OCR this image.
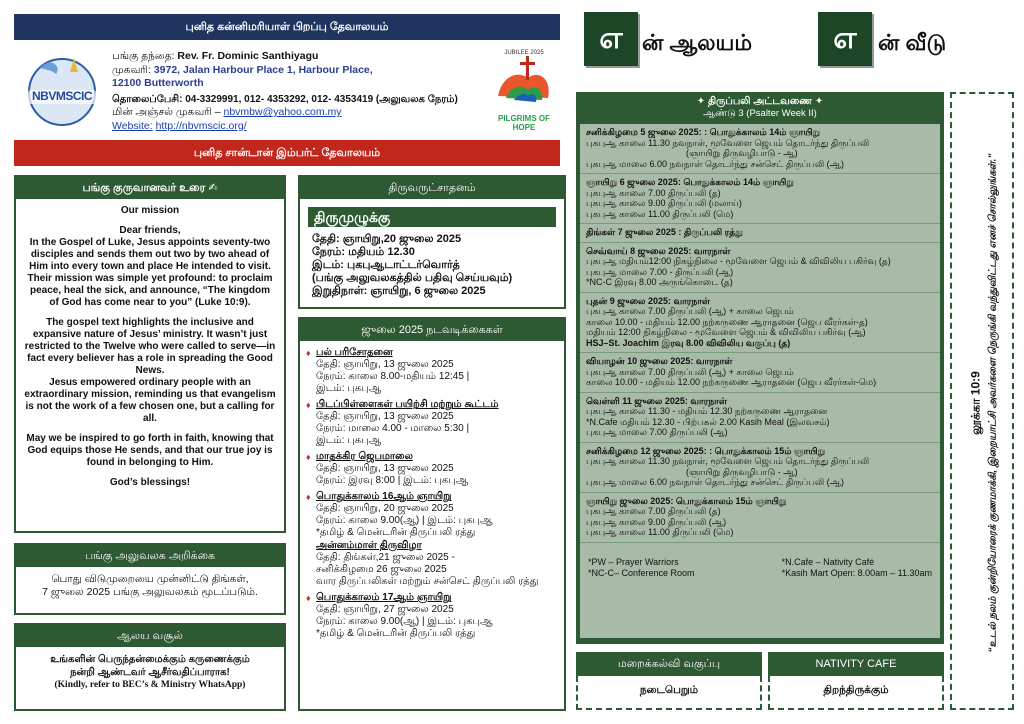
புனித கன்னிமரியாள் பிறப்பு தேவாலயம்
NBVMSCIC

பங்கு தந்தை: Rev. Fr. Dominic Santhiyagu

முகவரி: 3972, Jalan Harbour Place 1, Harbour Place,

12100 Butterworth

தொலைப்பேசி: 04-3329991, 012- 4353292, 012- 4353419 (அலுவலக நேரம்)

மின் அஞ்சல் முகவரி – nbvmbw@yahoo.com.my

Website: http://nbvmscic.org/

JUBILEE 2025
PILGRIMS OF HOPE
புனித சான்டான் இம்பர்ட் தேவாலயம்
எ ன் ஆலயம்	எ ன் வீடு
பங்கு குருவானவர் உரை ✍

Our mission

Dear friends,

In the Gospel of Luke, Jesus appoints seventy-two disciples and sends them out two by two ahead of Him into every town and place He intended to visit. Their mission was simple yet profound: to proclaim peace, heal the sick, and announce, “The kingdom of God has come near to you” (Luke 10:9).

The gospel text highlights the inclusive and expansive nature of Jesus’ ministry. It wasn’t just restricted to the Twelve who were called to serve—in fact every believer has a role in spreading the Good News.

Jesus empowered ordinary people with an extraordinary mission, reminding us that evangelism is not the work of a few chosen one, but a calling for all.

May we be inspired to go forth in faith, knowing that God equips those He sends, and that our true joy is found in belonging to Him.

God’s blessings!

பங்கு அலுவலக அறிக்கை

பொது விடுமுறையை முன்னிட்டு திங்கள்,

7 ஜுலை 2025 பங்கு அலுவலகம் மூடப்படும்.

ஆலய வசூல்

உங்களின் பெருந்தன்மைக்கும் கருணைக்கும்

நன்றி ஆண்டவர் ஆசீர்வதிப்பாராக!

(Kindly, refer to BEC’s & Ministry WhatsApp)

திருவருட்சாதனம்
திருமுழுக்கு

தேதி: ஞாயிறு,20 ஜுலை 2025

நேரம்: மதியம் 12.30

இடம்: புகபுஆடாட்டர்வொர்த்

(பங்கு அலுவலகத்தில் பதிவு செய்யவும்)

இறுதிநாள்: ஞாயிறு, 6 ஜுலை 2025

ஜுலை 2025 நடவடிக்கைகள்
♦ பல் பரிசோதனை
தேதி: ஞாயிறு, 13 ஜுலை 2025
நேரம்: காலை 8.00-மதியம் 12:45 |
இடம்: புகபுஆ
♦ பிடப்பிள்ளைகள் பயிற்சி மற்றும் கூட்டம்
தேதி: ஞாயிறு, 13 ஜுலை 2025
நேரம்: மாலை 4.00 - மாலை 5:30 |
இடம்: புகபுஆ
♦ மாதக்கிர ஜெபமாலை
தேதி: ஞாயிறு, 13 ஜுலை 2025
நேரம்: இரவு 8:00 | இடம்: புகபுஆ
♦ பொதுக்காலம் 16ஆம் ஞாயிறு
தேதி: ஞாயிறு, 20 ஜுலை 2025
நேரம்: காலை 9.00(ஆ) | இடம்: புகபுஆ
*தமிழ் & மென்டரின் திருப்பலி ரத்து
அன்னம்மாள் திருவிழா
தேதி: திங்கள்,21 ஜுலை 2025 -
சனிக்கிழமை 26 ஜுலை 2025
வார திருப்பலிகள் மற்றும் சன்செட் திருப்பலி ரத்து
♦ பொதுக்காலம் 17ஆம் ஞாயிறு
தேதி: ஞாயிறு, 27 ஜுலை 2025
நேரம்: காலை 9.00(ஆ) | இடம்: புகபுஆ
*தமிழ் & மென்டரின் திருப்பலி ரத்து
✦ திருப்பலி அட்டவணை ✦
ஆண்டு 3 (Psalter Week II)

சனிக்கிழமை 5 ஜுலை 2025: : பொதுக்காலம் 14ம் ஞாயிறு

புகபுஆ காலை 11.30 நவநாள், மூவேளை ஜெபம் தொடர்ந்து திருப்பலி

(ஞாயிறு திருவழிபாடு - ஆ)

புகபுஆ மாலை 6.00 நவநாள் தொடர்ந்து சன்செட் திருப்பலி (ஆ)

ஞாயிறு 6 ஜுலை 2025: பொதுக்காலம் 14ம் ஞாயிறு

புகபுஆ காலை 7.00 திருப்பலி (த)

புகபுஆ காலை 9.00 திருப்பலி (மலாய்)

புகபுஆ காலை 11.00 திருப்பலி (மெ)

திங்கள் 7 ஜுலை 2025 : திருப்பலி ரத்து

செவ்வாய் 8 ஜுலை 2025: வாரநாள்

புகபுஆ மதியம்12:00 நிகழ்நிலை - மூவேளை ஜெபம் & விவிலிய பகிர்வு (த)

புகபுஆ மாலை 7.00 - திருப்பலி (ஆ)

*NC-C இரவு 8.00 அருங்கொடை (த)

புதன் 9 ஜுலை 2025: வாரநாள்

புகபுஆ காலை 7.00 திருப்பலி (ஆ) + காலை ஜெபம்

காலை 10.00 - மதியம் 12.00 நற்கருணை ஆராதனை (ஜெப வீரர்கள்-த)

மதியம் 12:00 நிகழ்நிலை - மூவேளை ஜெபம் & விவிலிய பகிர்வு (ஆ)

HSJ–St. Joachim இரவு 8.00 விவிலிய வகுப்பு (த)

வியாழன் 10 ஜுலை 2025: வாரநாள்

புகபுஆ காலை 7.00 திருப்பலி (ஆ) + காலை ஜெபம்

காலை 10.00 - மதியம் 12.00 நற்கருணை ஆராதனை (ஜெப வீரர்கள்-மெ)

வெள்ளி 11 ஜுலை 2025: வாரநாள்

புகபுஆ காலை 11.30 - மதியம் 12.30 நற்கருணை ஆராதனை

*N.Cafe மதியம் 12.30 - பிற்பகல் 2.00 Kasih Meal (இலவசம்)

புகபுஆ மாலை 7.00 திருப்பலி (ஆ)

சனிக்கிழமை 12 ஜுலை 2025: : பொதுக்காலம் 15ம் ஞாயிறு

புகபுஆ காலை 11.30 நவநாள், மூவேளை ஜெபம் தொடர்ந்து திருப்பலி

(ஞாயிறு திருவழிபாடு - ஆ)

புகபுஆ மாலை 6.00 நவநாள் தொடர்ந்து சன்செட் திருப்பலி (ஆ)

ஞாயிறு ஜுலை 2025: பொதுக்காலம் 15ம் ஞாயிறு

புகபுஆ காலை 7.00 திருப்பலி (த)

புகபுஆ காலை 9.00 திருப்பலி (ஆ)

புகபுஆ காலை 11.00 திருப்பலி (மெ)

*PW – Prayer Warriors

*NC-C– Conference Room

*N.Cafe – Nativity Café

*Kasih Mart Open: 8.00am – 11.30am

மறைக்கல்வி வகுப்பு
நடைபெறும்
NATIVITY CAFE
திறந்திருக்கும்
லூக்கா 10:9 “உடல் நலம் குன்றியோரைக் குணமாக்கி, இறையாட்சி அவர்களை நெருங்கி வந்துவிட்டது எனச் சொல்லுங்கள்.”
